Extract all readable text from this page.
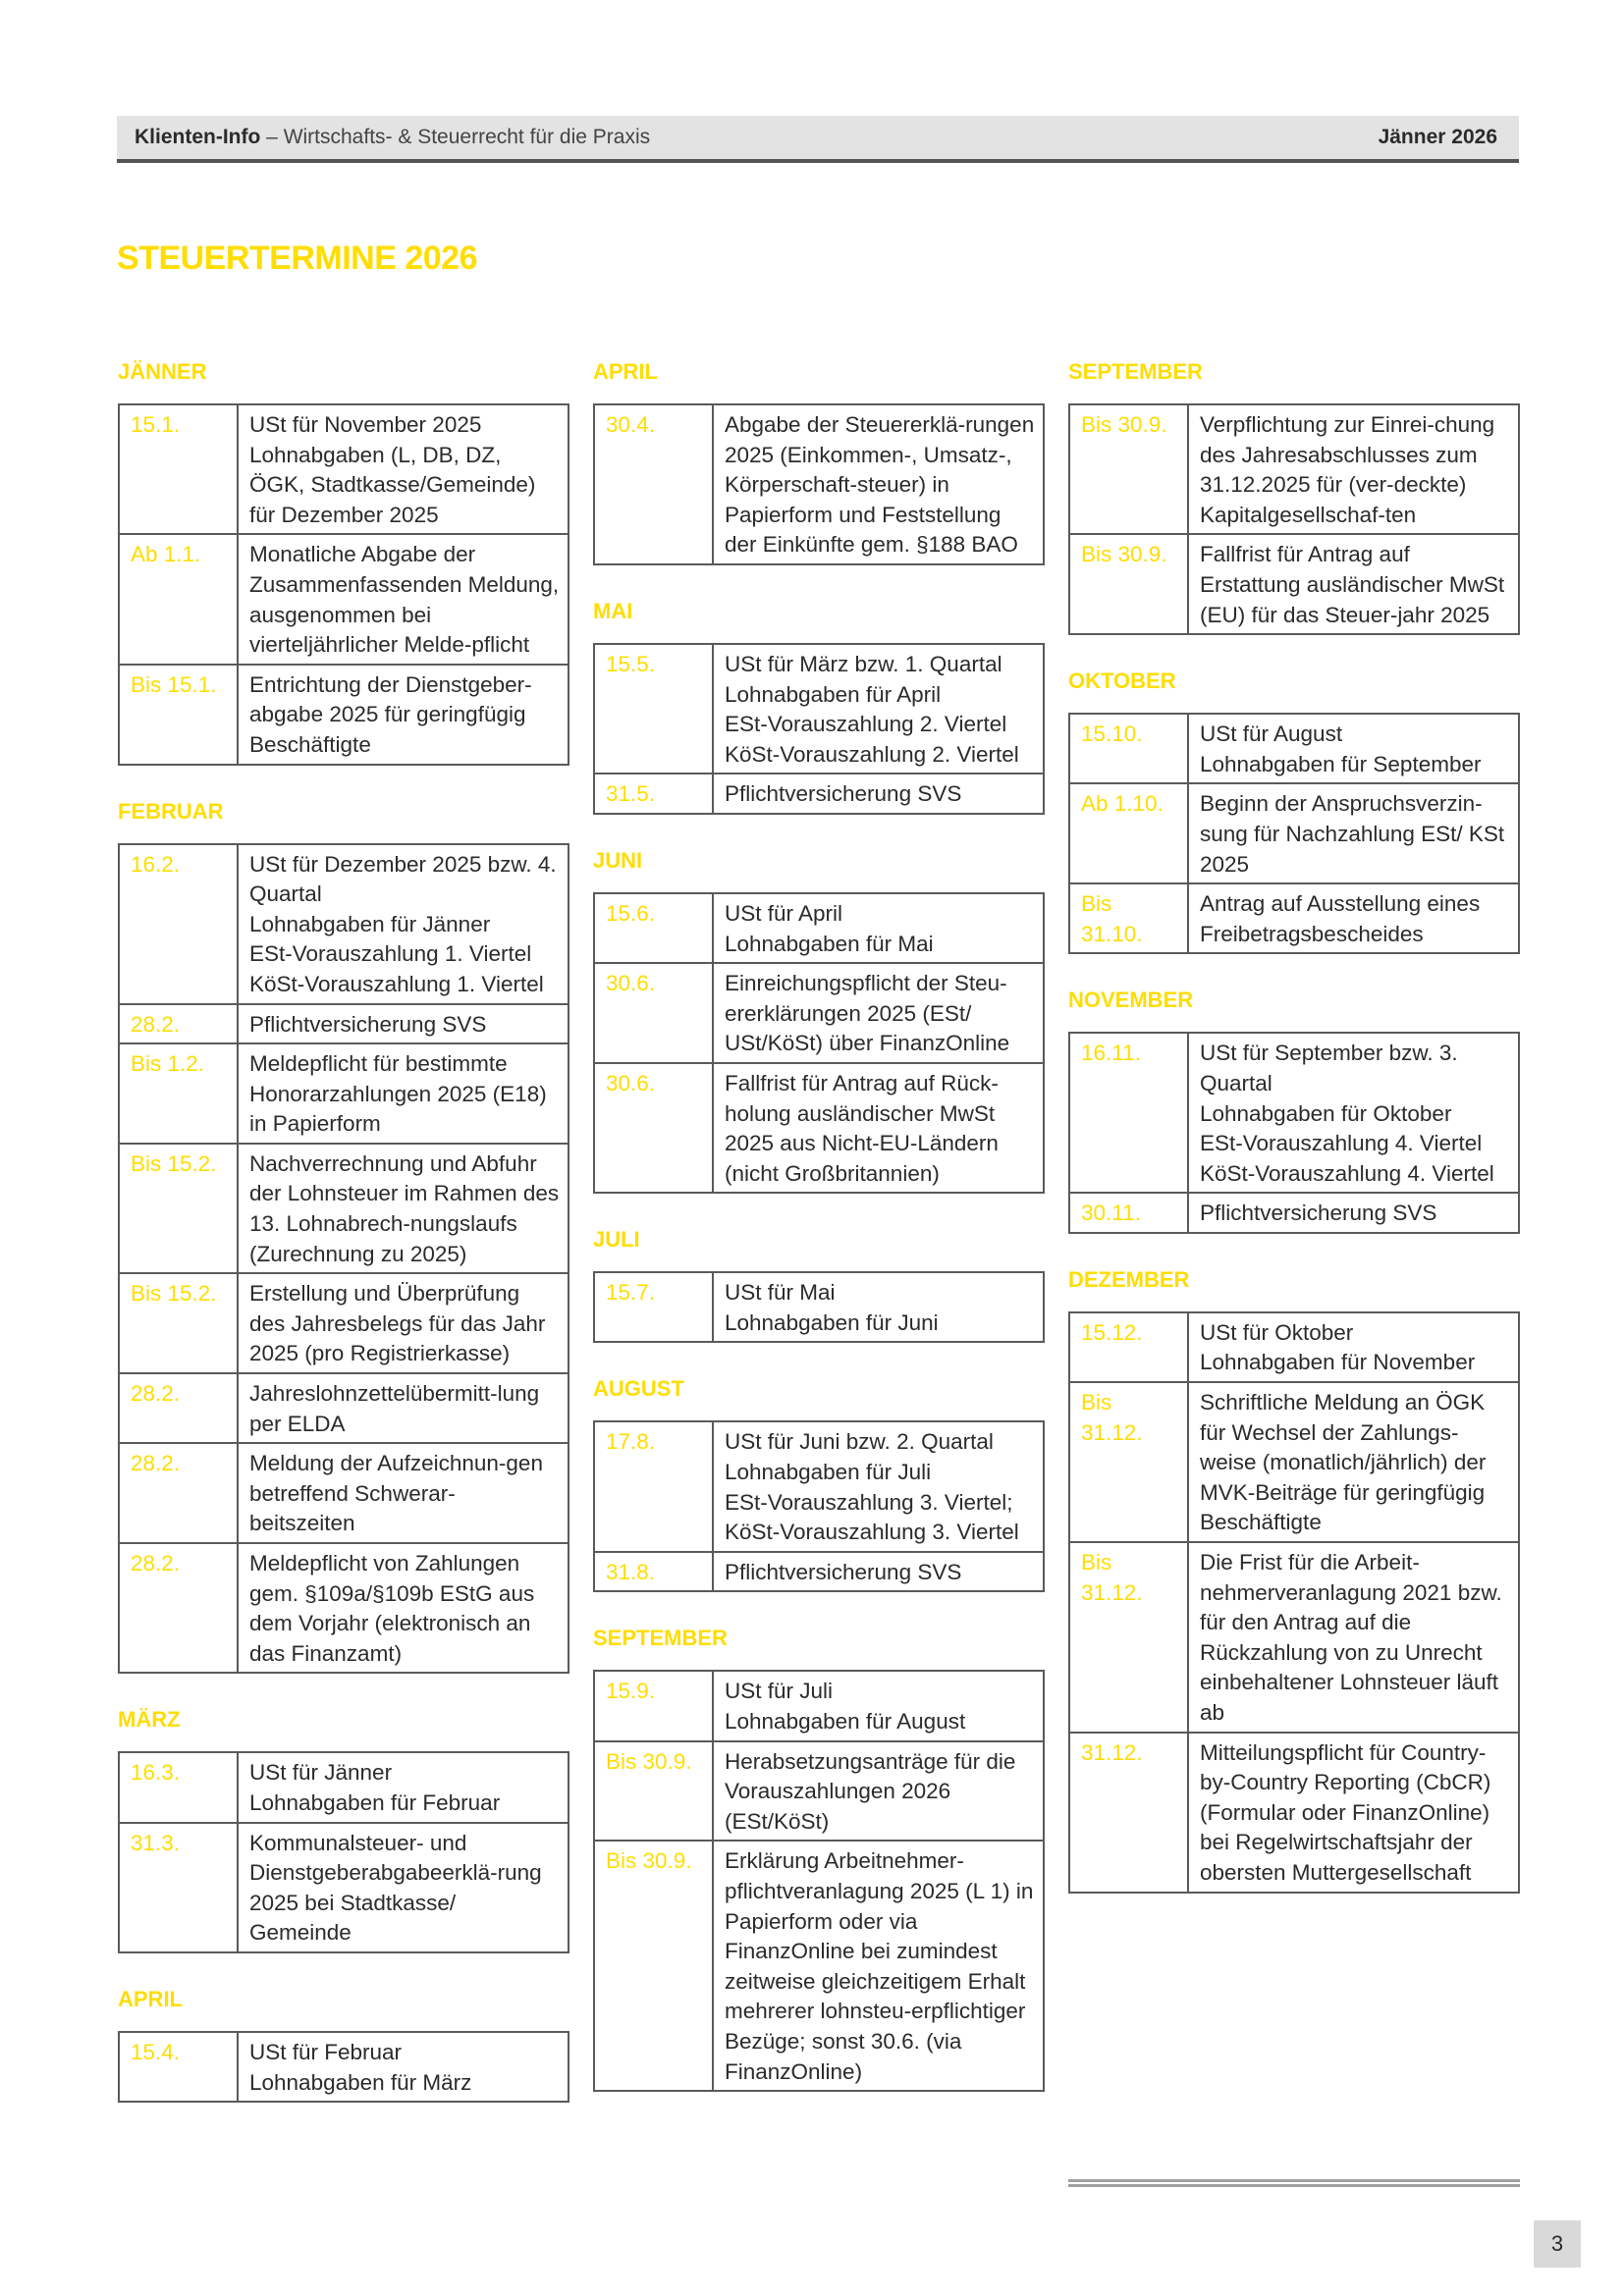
Klienten-Info – Wirtschafts- & Steuerrecht für die Praxis	Jänner 2026
STEUERTERMINE 2026
JÄNNER
15.1.	USt für November 2025
Lohnabgaben (L, DB, DZ, ÖGK, Stadtkasse/Gemeinde) für Dezember 2025
Ab 1.1.	Monatliche Abgabe der Zusammenfassenden Meldung, ausgenommen bei vierteljährlicher Melde-pflicht
Bis 15.1.	Entrichtung der Dienstgeber-abgabe 2025 für geringfügig Beschäftigte
FEBRUAR
16.2.	USt für Dezember 2025 bzw. 4. Quartal
Lohnabgaben für Jänner
ESt-Vorauszahlung 1. Viertel
KöSt-Vorauszahlung 1. Viertel
28.2.	Pflichtversicherung SVS
Bis 1.2.	Meldepflicht für bestimmte Honorarzahlungen 2025 (E18) in Papierform
Bis 15.2.	Nachverrechnung und Abfuhr der Lohnsteuer im Rahmen des 13. Lohnabrech-nungslaufs (Zurechnung zu 2025)
Bis 15.2.	Erstellung und Überprüfung des Jahresbelegs für das Jahr 2025 (pro Registrierkasse)
28.2.	Jahreslohnzettelübermitt-lung per ELDA
28.2.	Meldung der Aufzeichnun-gen betreffend Schwerar-beitszeiten
28.2.	Meldepflicht von Zahlungen gem. §109a/§109b EStG aus dem Vorjahr (elektronisch an das Finanzamt)
MÄRZ
16.3.	USt für Jänner
Lohnabgaben für Februar
31.3.	Kommunalsteuer- und Dienstgeberabgabeerklä-rung 2025 bei Stadtkasse/ Gemeinde
APRIL
15.4.	USt für Februar
Lohnabgaben für März
APRIL
30.4.	Abgabe der Steuererklä-rungen 2025 (Einkommen-, Umsatz-, Körperschaft-steuer) in Papierform und Feststellung der Einkünfte gem. §188 BAO
MAI
15.5.	USt für März bzw. 1. Quartal
Lohnabgaben für April
ESt-Vorauszahlung 2. Viertel
KöSt-Vorauszahlung 2. Viertel
31.5.	Pflichtversicherung SVS
JUNI
15.6.	USt für April
Lohnabgaben für Mai
30.6.	Einreichungspflicht der Steu-ererklärungen 2025 (ESt/ USt/KöSt) über FinanzOnline
30.6.	Fallfrist für Antrag auf Rück-holung ausländischer MwSt 2025 aus Nicht-EU-Ländern (nicht Großbritannien)
JULI
15.7.	USt für Mai
Lohnabgaben für Juni
AUGUST
17.8.	USt für Juni bzw. 2. Quartal
Lohnabgaben für Juli
ESt-Vorauszahlung 3. Viertel;
KöSt-Vorauszahlung 3. Viertel
31.8.	Pflichtversicherung SVS
SEPTEMBER
15.9.	USt für Juli
Lohnabgaben für August
Bis 30.9.	Herabsetzungsanträge für die Vorauszahlungen 2026 (ESt/KöSt)
Bis 30.9.	Erklärung Arbeitnehmer-pflichtveranlagung 2025 (L 1) in Papierform oder via FinanzOnline bei zumindest zeitweise gleichzeitigem Erhalt mehrerer lohnsteu-erpflichtiger Bezüge; sonst 30.6. (via FinanzOnline)
SEPTEMBER
Bis 30.9.	Verpflichtung zur Einrei-chung des Jahresabschlusses zum 31.12.2025 für (ver-deckte) Kapitalgesellschaf-ten
Bis 30.9.	Fallfrist für Antrag auf Erstattung ausländischer MwSt (EU) für das Steuer-jahr 2025
OKTOBER
15.10.	USt für August
Lohnabgaben für September
Ab 1.10.	Beginn der Anspruchsverzin-sung für Nachzahlung ESt/ KSt 2025
Bis 31.10.	Antrag auf Ausstellung eines Freibetragsbescheides
NOVEMBER
16.11.	USt für September bzw. 3. Quartal
Lohnabgaben für Oktober
ESt-Vorauszahlung 4. Viertel
KöSt-Vorauszahlung 4. Viertel
30.11.	Pflichtversicherung SVS
DEZEMBER
15.12.	USt für Oktober
Lohnabgaben für November
Bis 31.12.	Schriftliche Meldung an ÖGK für Wechsel der Zahlungs-weise (monatlich/jährlich) der MVK-Beiträge für geringfügig Beschäftigte
Bis 31.12.	Die Frist für die Arbeit-nehmerveranlagung 2021 bzw. für den Antrag auf die Rückzahlung von zu Unrecht einbehaltener Lohnsteuer läuft ab
31.12.	Mitteilungspflicht für Country-by-Country Reporting (CbCR) (Formular oder FinanzOnline) bei Regelwirtschaftsjahr der obersten Muttergesellschaft
3
